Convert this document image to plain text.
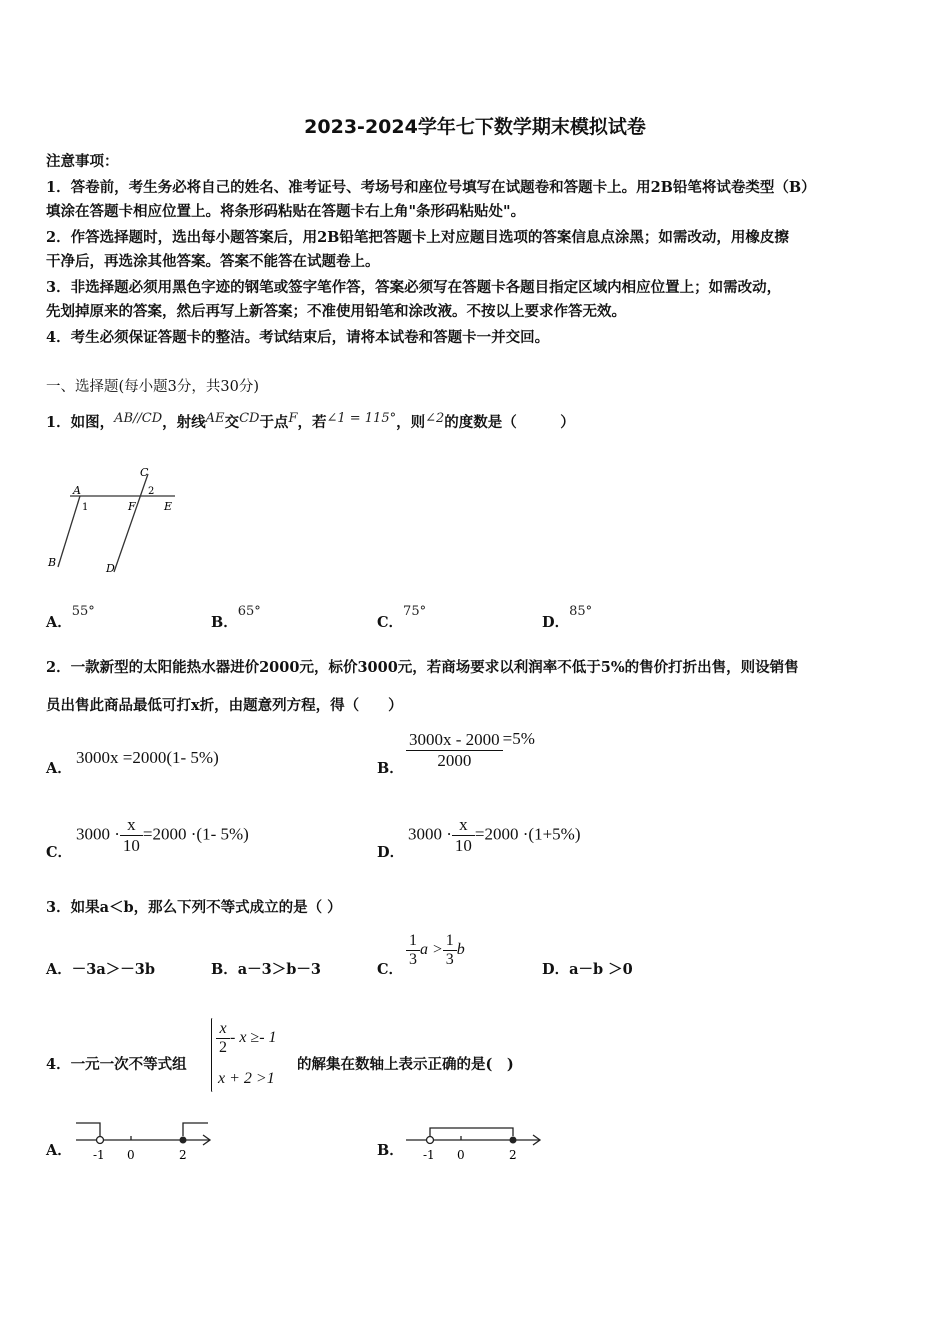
2023-2024学年七下数学期末模拟试卷
注意事项：
1．答卷前，考生务必将自己的姓名、准考证号、考场号和座位号填写在试题卷和答题卡上。用2B铅笔将试卷类型（B）
填涂在答题卡相应位置上。将条形码粘贴在答题卡右上角"条形码粘贴处"。
2．作答选择题时，选出每小题答案后，用2B铅笔把答题卡上对应题目选项的答案信息点涂黑；如需改动，用橡皮擦
干净后，再选涂其他答案。答案不能答在试题卷上。
3．非选择题必须用黑色字迹的钢笔或签字笔作答，答案必须写在答题卡各题目指定区域内相应位置上；如需改动，
先划掉原来的答案，然后再写上新答案；不准使用铅笔和涂改液。不按以上要求作答无效。
4．考生必须保证答题卡的整洁。考试结束后，请将本试卷和答题卡一并交回。
一、选择题(每小题3分，共30分)
1．如图，AB//CD，射线AE交CD于点F，若∠1 = 115°，则∠2的度数是（　　　）
C
A	2
1	F	E
B	D
A．55°
B．65°
C．75°
D．85°
2．一款新型的太阳能热水器进价2000元，标价3000元，若商场要求以利润率不低于5%的售价打折出售，则设销售
员出售此商品最低可打x折，由题意列方程，得（　　）
A．
3000x =2000(1- 5%)
B． $\frac{3000x - 2000}{2000} =5\%$
C．
$3000 \cdot \frac{x}{10} =2000 \cdot(1-$ 5%)
D．
$3000 \cdot \frac{x}{10} =2000 \cdot(1+5\%)$
3．如果a＜b，那么下列不等式成立的是（ ）
A．－3a＞－3b	B．a－3＞b－3	C．
$\frac{1}{3}$ $a > \frac{1}{3}$ b
D．a－b ＞0
4．一元一次不等式组
$\frac{x}{2} - x \ge- 1$
x + 2 >1
的解集在数轴上表示正确的是(　)
A． -1 0	2	B． -1 0	2
